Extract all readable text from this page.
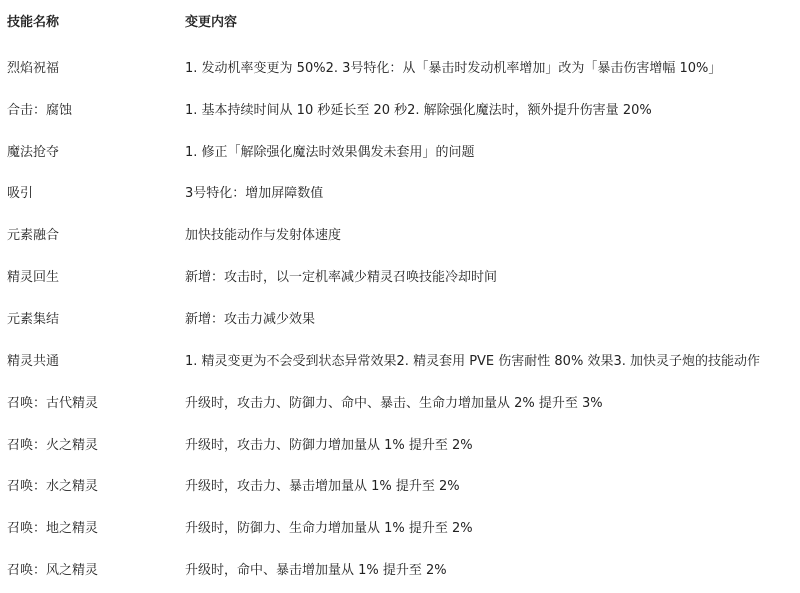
技能名称	变更内容
烈焰祝福	1. 发动机率变更为 50%2. 3号特化：从「暴击时发动机率增加」改为「暴击伤害增幅 10%」
合击：腐蚀	1. 基本持续时间从 10 秒延长至 20 秒2. 解除强化魔法时，额外提升伤害量 20%
魔法抢夺	1. 修正「解除强化魔法时效果偶发未套用」的问题
吸引	3号特化：增加屏障数值
元素融合	加快技能动作与发射体速度
精灵回生	新增：攻击时，以一定机率减少精灵召唤技能冷却时间
元素集结	新增：攻击力减少效果
精灵共通	1. 精灵变更为不会受到状态异常效果2. 精灵套用 PVE 伤害耐性 80% 效果3. 加快灵子炮的技能动作
召唤：古代精灵	升级时，攻击力、防御力、命中、暴击、生命力增加量从 2% 提升至 3%
召唤：火之精灵	升级时，攻击力、防御力增加量从 1% 提升至 2%
召唤：水之精灵	升级时，攻击力、暴击增加量从 1% 提升至 2%
召唤：地之精灵	升级时，防御力、生命力增加量从 1% 提升至 2%
召唤：风之精灵	升级时，命中、暴击增加量从 1% 提升至 2%
